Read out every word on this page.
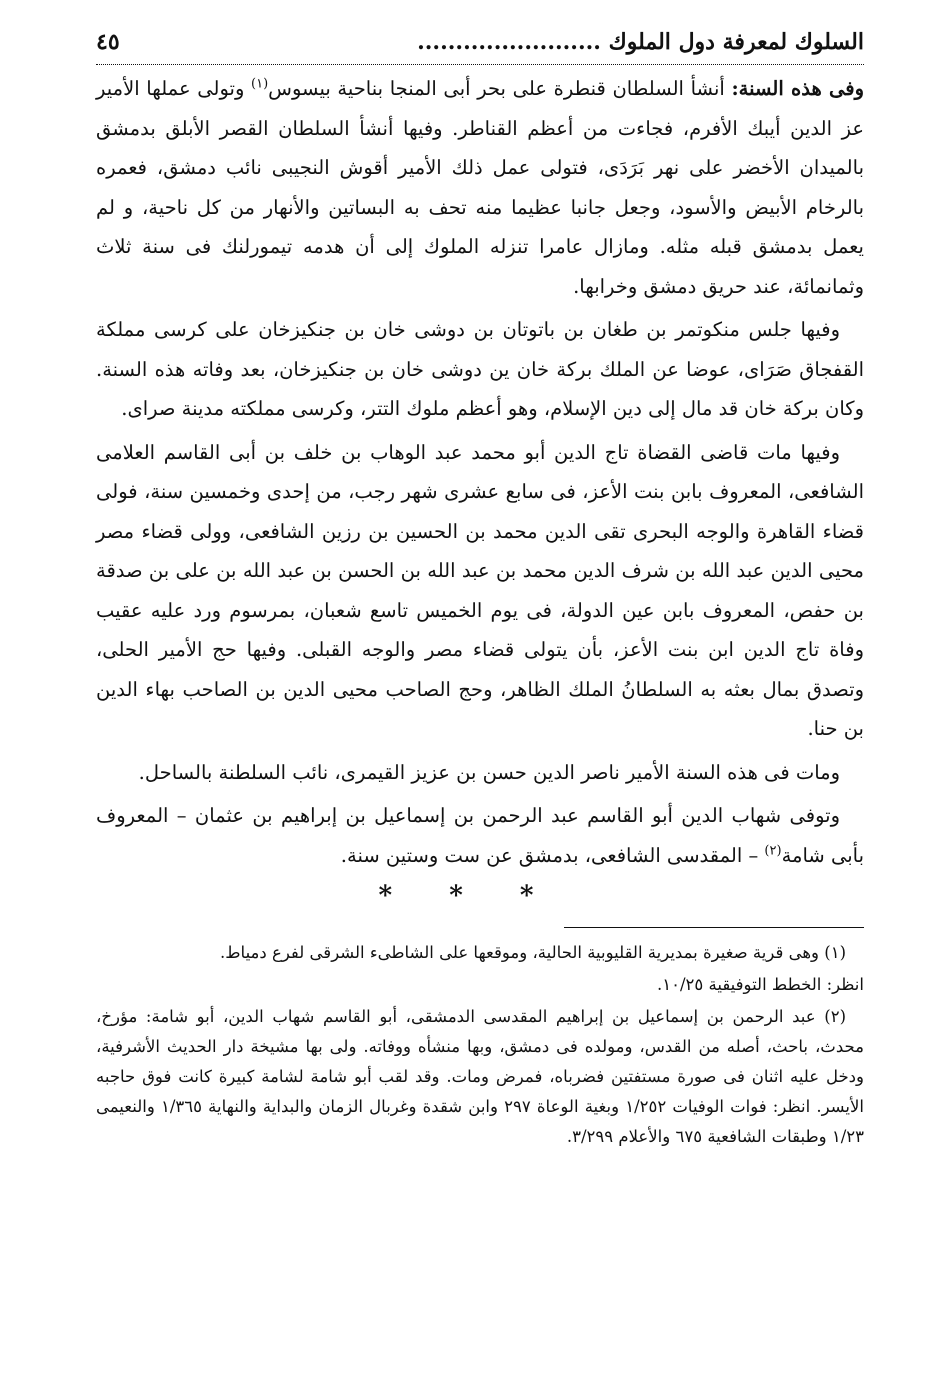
السلوك لمعرفة دول الملوك ........................
٤٥

وفى هذه السنة: أنشأ السلطان قنطرة على بحر أبى المنجا بناحية بيسوس$^{(١)}$ وتولى عملها الأمير عز الدين أيبك الأفرم، فجاءت من أعظم القناطر. وفيها أنشأ السلطان القصر الأبلق بدمشق بالميدان الأخضر على نهر بَرَدَى، فتولى عمل ذلك الأمير أقوش النجيبى نائب دمشق، فعمره بالرخام الأبيض والأسود، وجعل جانبا عظيما منه تحف به البساتين والأنهار من كل ناحية، و لم يعمل بدمشق قبله مثله. ومازال عامرا تنزله الملوك إلى أن هدمه تيمورلنك فى سنة ثلاث وثمانمائة، عند حريق دمشق وخرابها.

وفيها جلس منكوتمر بن طغان بن باتوتان بن دوشى خان بن جنكيزخان على كرسى مملكة القفجاق صَرَاى، عوضا عن الملك بركة خان ين دوشى خان بن جنكيزخان، بعد وفاته هذه السنة. وكان بركة خان قد مال إلى دين الإسلام، وهو أعظم ملوك التتر، وكرسى مملكته مدينة صراى.

وفيها مات قاضى القضاة تاج الدين أبو محمد عبد الوهاب بن خلف بن أبى القاسم العلامى الشافعى، المعروف بابن بنت الأعز، فى سابع عشرى شهر رجب، من إحدى وخمسين سنة، فولى قضاء القاهرة والوجه البحرى تقى الدين محمد بن الحسين بن رزين الشافعى، وولى قضاء مصر محيى الدين عبد الله بن شرف الدين محمد بن عبد الله بن الحسن بن عبد الله بن على بن صدقة بن حفص، المعروف بابن عين الدولة، فى يوم الخميس تاسع شعبان، بمرسوم ورد عليه عقيب وفاة تاج الدين ابن بنت الأعز، بأن يتولى قضاء مصر والوجه القبلى. وفيها حج الأمير الحلى، وتصدق بمال بعثه به السلطانُ الملك الظاهر، وحج الصاحب محيى الدين بن الصاحب بهاء الدين بن حنا.

ومات فى هذه السنة الأمير ناصر الدين حسن بن عزيز القيمرى، نائب السلطنة بالساحل.

وتوفى شهاب الدين أبو القاسم عبد الرحمن بن إسماعيل بن إبراهيم بن عثمان – المعروف بأبى شامة$^{(٢)}$ – المقدسى الشافعى، بدمشق عن ست وستين سنة.

* * *

(١) وهى قرية صغيرة بمديرية القليوبية الحالية، وموقعها على الشاطىء الشرقى لفرع دمياط.

انظر: الخطط التوفيقية ١٠/٢٥.

(٢) عبد الرحمن بن إسماعيل بن إبراهيم المقدسى الدمشقى، أبو القاسم شهاب الدين، أبو شامة: مؤرخ، محدث، باحث، أصله من القدس، ومولده فى دمشق، وبها منشأه ووفاته. ولى بها مشيخة دار الحديث الأشرفية، ودخل عليه اثنان فى صورة مستفتين فضرباه، فمرض ومات. وقد لقب أبو شامة لشامة كبيرة كانت فوق حاجبه الأيسر. انظر: فوات الوفيات ١/٢٥٢ وبغية الوعاة ٢٩٧ وابن شقدة وغربال الزمان والبداية والنهاية ١/٣٦٥ والنعيمى ١/٢٣ وطبقات الشافعية ٦٧٥ والأعلام ٣/٢٩٩.
